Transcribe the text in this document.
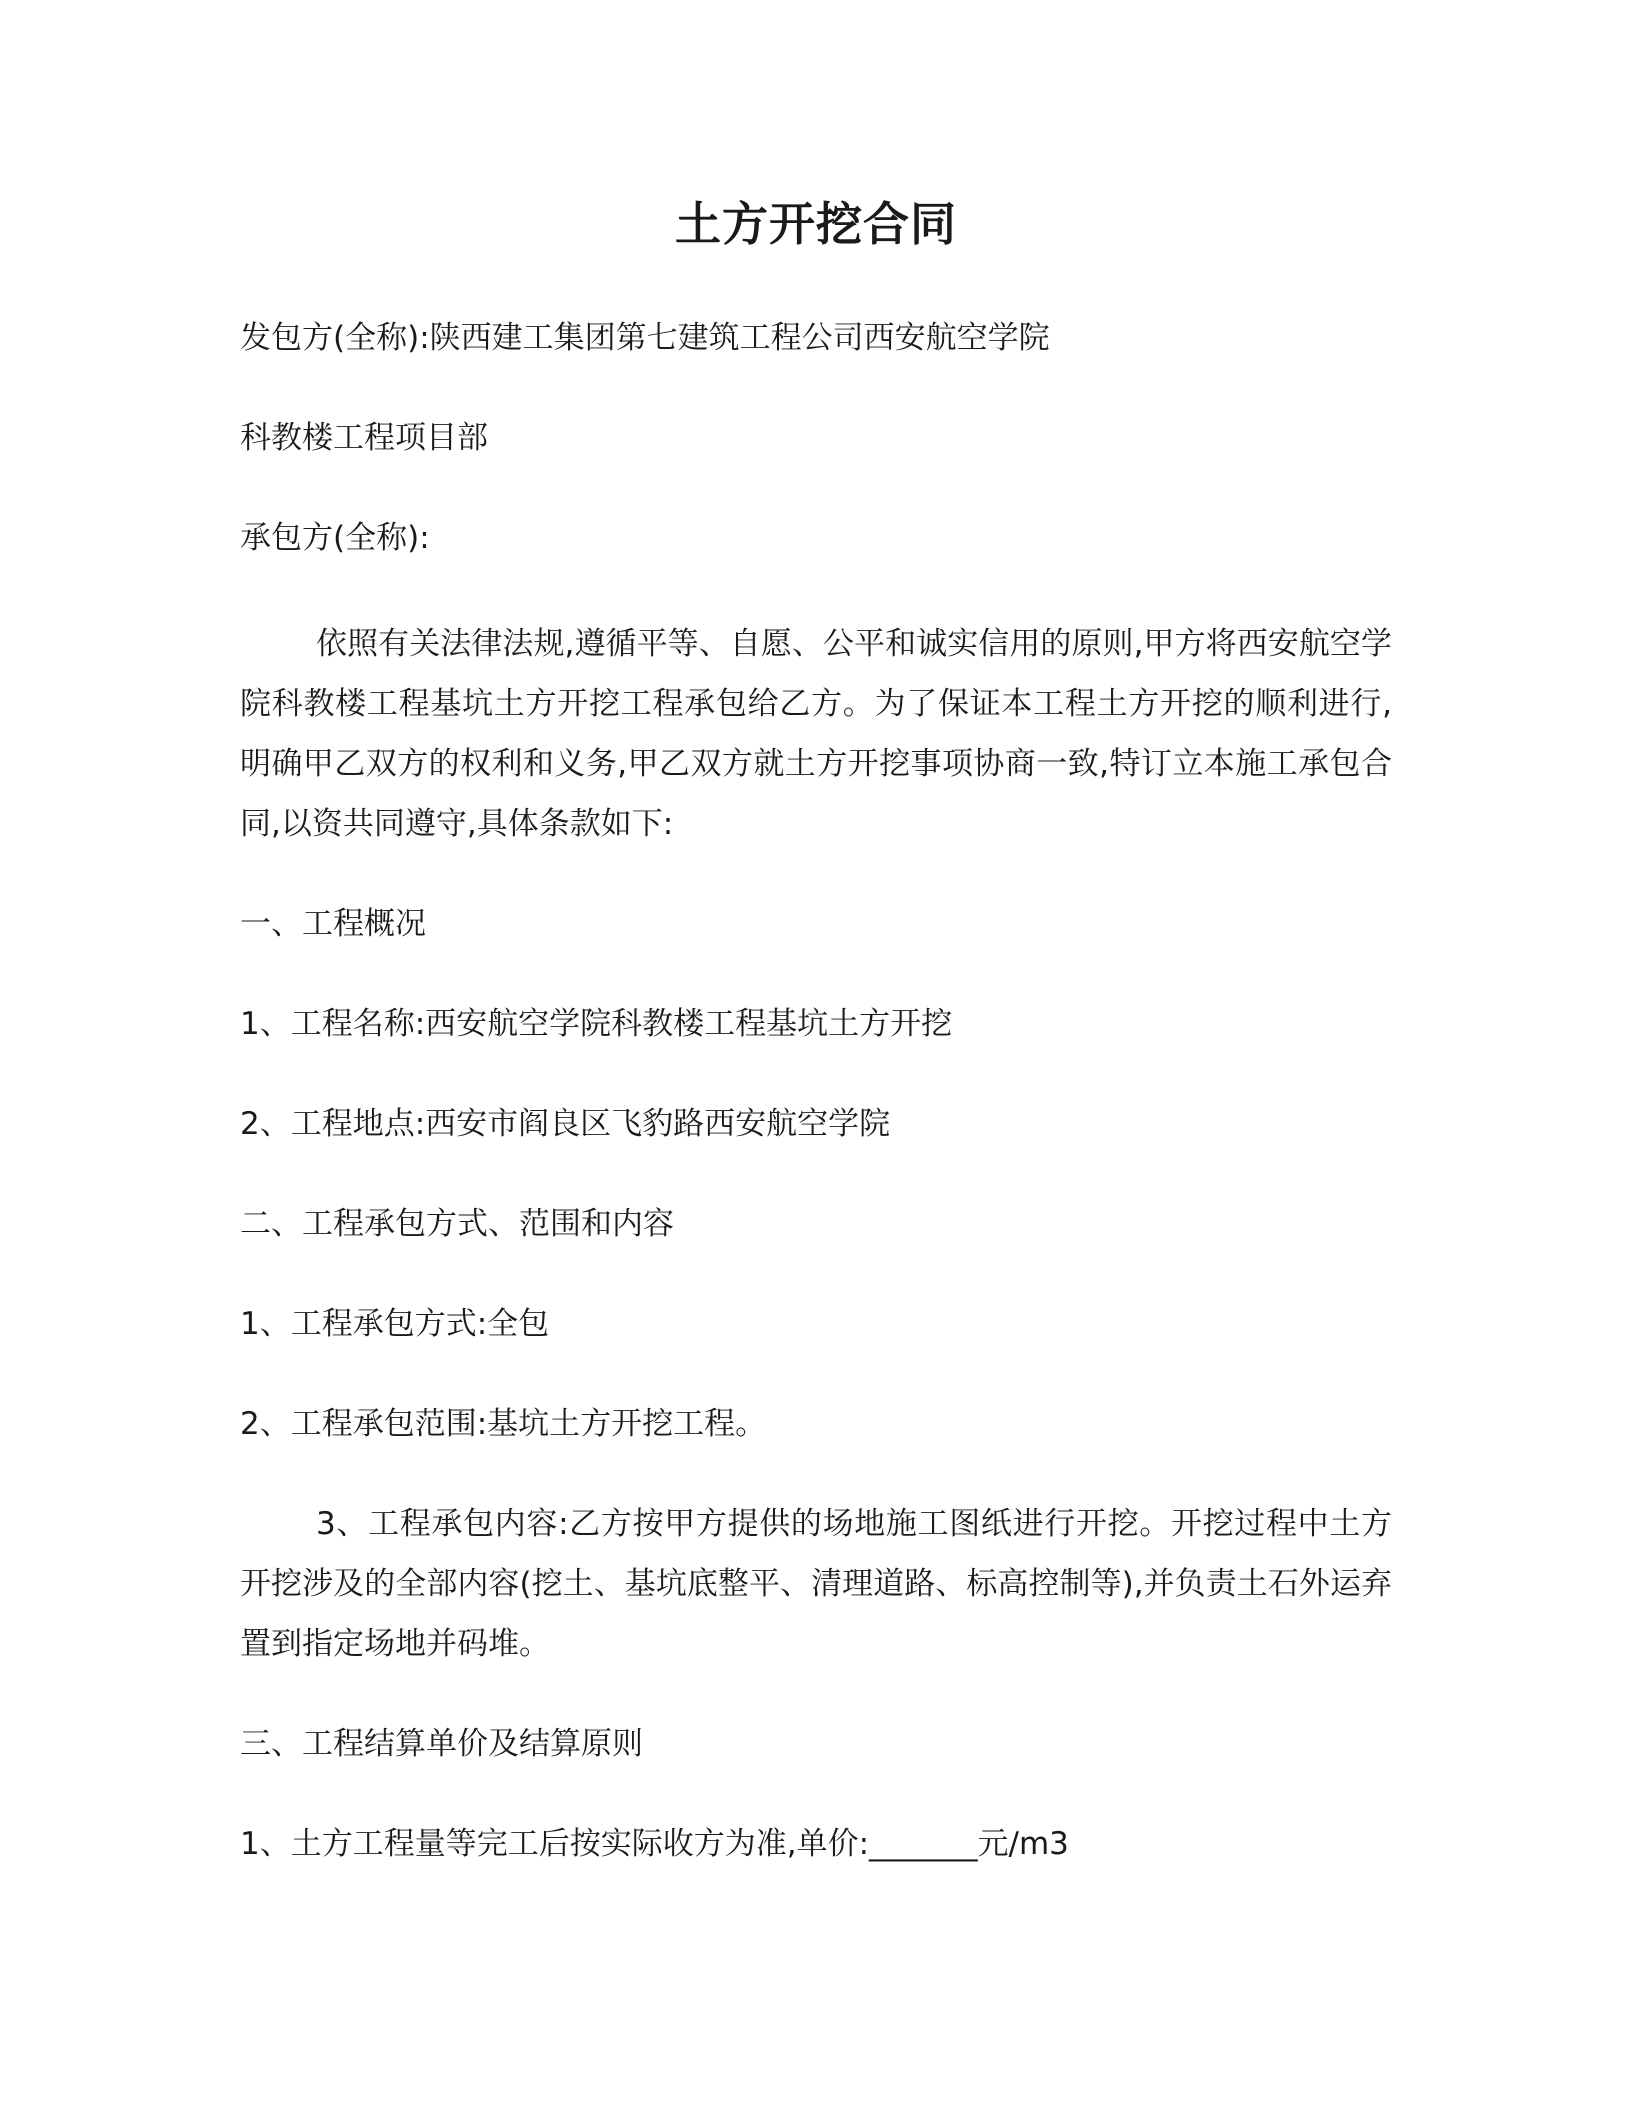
土方开挖合同
发包方(全称):陕西建工集团第七建筑工程公司西安航空学院
科教楼工程项目部
承包方(全称):
依照有关法律法规,遵循平等、自愿、公平和诚实信用的原则,甲方将西安航空学院科教楼工程基坑土方开挖工程承包给乙方。为了保证本工程土方开挖的顺利进行,明确甲乙双方的权利和义务,甲乙双方就土方开挖事项协商一致,特订立本施工承包合同,以资共同遵守,具体条款如下:
一、工程概况
1、工程名称:西安航空学院科教楼工程基坑土方开挖
2、工程地点:西安市阎良区飞豹路西安航空学院
二、工程承包方式、范围和内容
1、工程承包方式:全包
2、工程承包范围:基坑土方开挖工程。
3、工程承包内容:乙方按甲方提供的场地施工图纸进行开挖。开挖过程中土方开挖涉及的全部内容(挖土、基坑底整平、清理道路、标高控制等),并负责土石外运弃置到指定场地并码堆。
三、工程结算单价及结算原则
1、土方工程量等完工后按实际收方为准,单价:_______元/m3
